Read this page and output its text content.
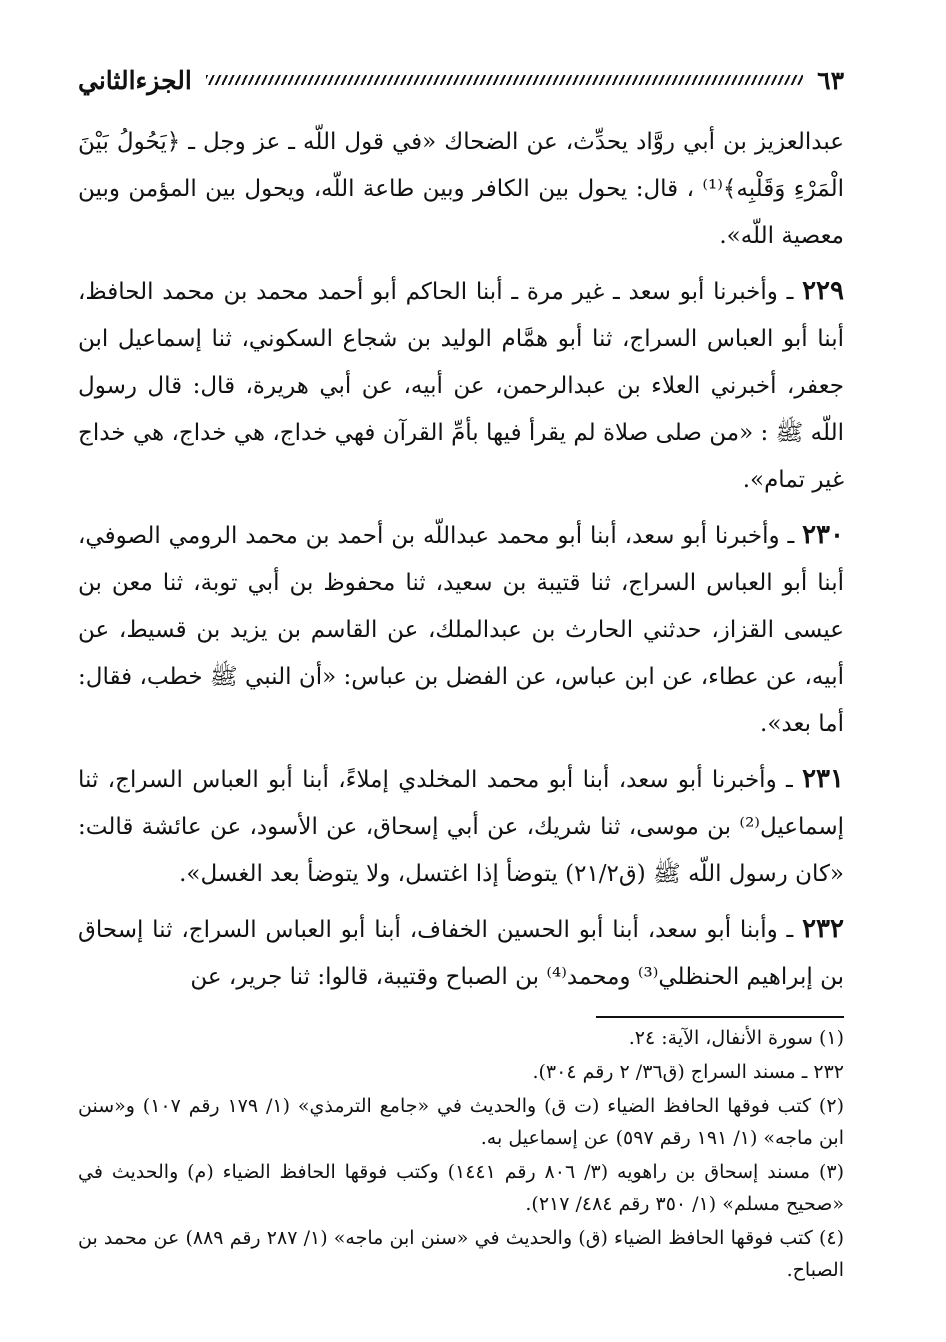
الجزءالثاني	٦٣

عبدالعزيز بن أبي روَّاد يحدِّث، عن الضحاك «في قول اللّه ـ عز وجل ـ ﴿يَحُولُ بَيْنَ الْمَرْءِ وَقَلْبِه﴾⁽¹⁾ ، قال: يحول بين الكافر وبين طاعة اللّه، ويحول بين المؤمن وبين معصية اللّه».

٢٢٩ ـ وأخبرنا أبو سعد ـ غير مرة ـ أبنا الحاكم أبو أحمد محمد بن محمد الحافظ، أبنا أبو العباس السراج، ثنا أبو همَّام الوليد بن شجاع السكوني، ثنا إسماعيل ابن جعفر، أخبرني العلاء بن عبدالرحمن، عن أبيه، عن أبي هريرة، قال: قال رسول اللّه ﷺ : «من صلى صلاة لم يقرأ فيها بأمِّ القرآن فهي خداج، هي خداج، هي خداج غير تمام».

٢٣٠ ـ وأخبرنا أبو سعد، أبنا أبو محمد عبداللّه بن أحمد بن محمد الرومي الصوفي، أبنا أبو العباس السراج، ثنا قتيبة بن سعيد، ثنا محفوظ بن أبي توبة، ثنا معن بن عيسى القزاز، حدثني الحارث بن عبدالملك، عن القاسم بن يزيد بن قسيط، عن أبيه، عن عطاء، عن ابن عباس، عن الفضل بن عباس: «أن النبي ﷺ خطب، فقال: أما بعد».

٢٣١ ـ وأخبرنا أبو سعد، أبنا أبو محمد المخلدي إملاءً، أبنا أبو العباس السراج، ثنا إسماعيل⁽²⁾ بن موسى، ثنا شريك، عن أبي إسحاق، عن الأسود، عن عائشة قالت: «كان رسول اللّه ﷺ (ق٢١/٢) يتوضأ إذا اغتسل، ولا يتوضأ بعد الغسل».

٢٣٢ ـ وأبنا أبو سعد، أبنا أبو الحسين الخفاف، أبنا أبو العباس السراج، ثنا إسحاق بن إبراهيم الحنظلي⁽³⁾ ومحمد⁽⁴⁾ بن الصباح وقتيبة، قالوا: ثنا جرير، عن

(١) سورة الأنفال، الآية: ٢٤.

٢٣٢ ـ مسند السراج (ق٣٦/ ٢ رقم ٣٠٤).

(٢) كتب فوقها الحافظ الضياء (ت ق) والحديث في «جامع الترمذي» (١/ ١٧٩ رقم ١٠٧) و«سنن ابن ماجه» (١/ ١٩١ رقم ٥٩٧) عن إسماعيل به.

(٣) مسند إسحاق بن راهويه (٣/ ٨٠٦ رقم ١٤٤١) وكتب فوقها الحافظ الضياء (م) والحديث في «صحيح مسلم» (١/ ٣٥٠ رقم ٤٨٤/ ٢١٧).

(٤) كتب فوقها الحافظ الضياء (ق) والحديث في «سنن ابن ماجه» (١/ ٢٨٧ رقم ٨٨٩) عن محمد بن الصباح.
